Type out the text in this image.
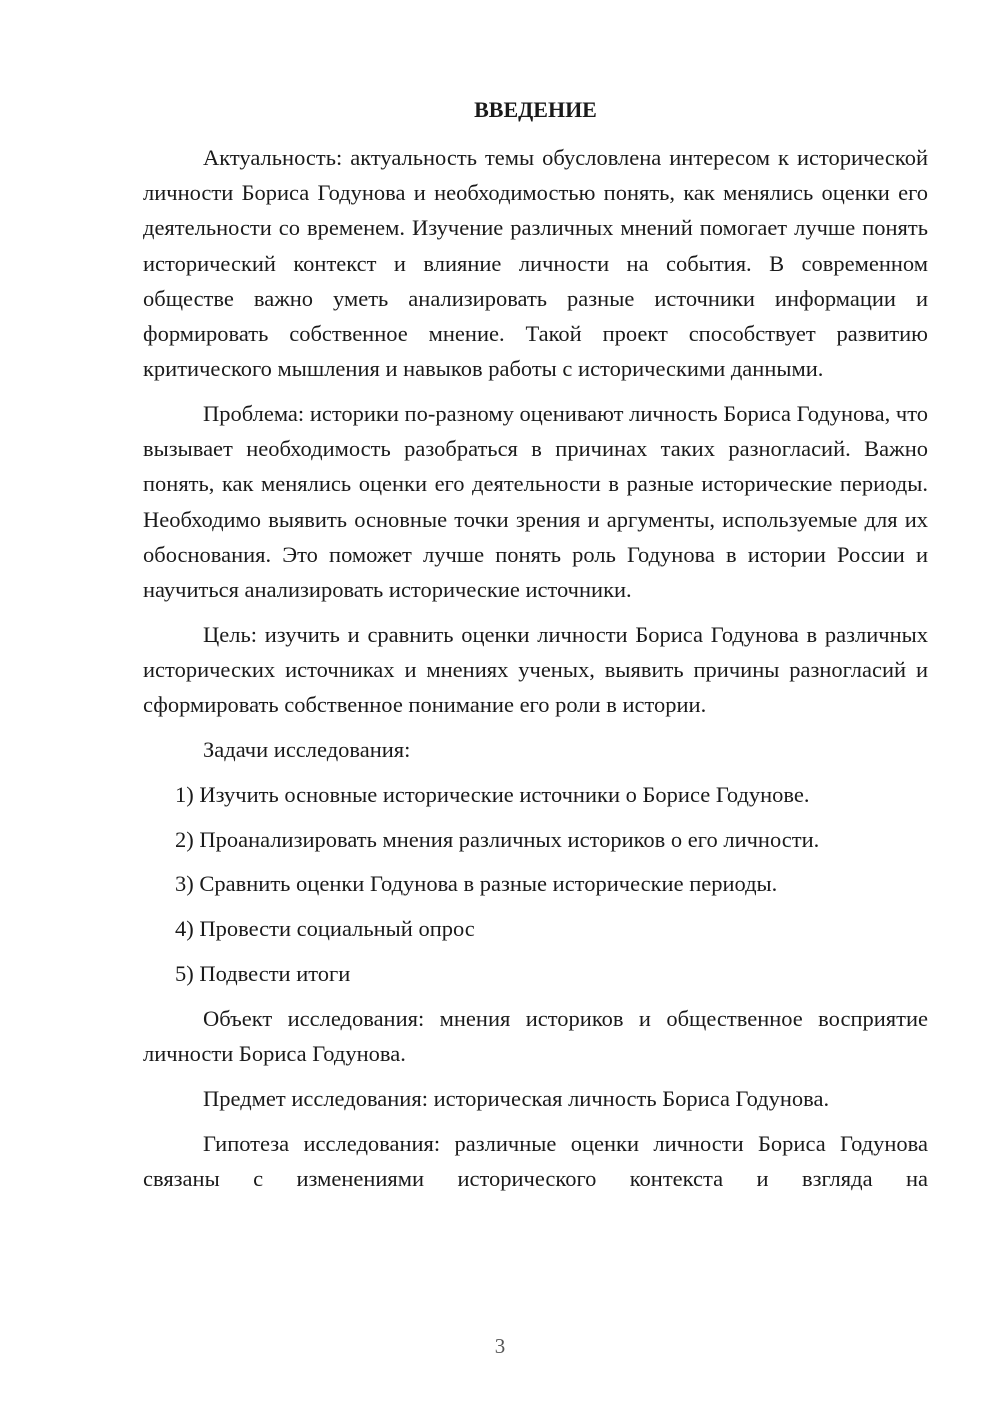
ВВЕДЕНИЕ

Актуальность: актуальность темы обусловлена интересом к исторической личности Бориса Годунова и необходимостью понять, как менялись оценки его деятельности со временем. Изучение различных мнений помогает лучше понять исторический контекст и влияние личности на события. В современном обществе важно уметь анализировать разные источники информации и формировать собственное мнение. Такой проект способствует развитию критического мышления и навыков работы с историческими данными.

Проблема: историки по-разному оценивают личность Бориса Годунова, что вызывает необходимость разобраться в причинах таких разногласий. Важно понять, как менялись оценки его деятельности в разные исторические периоды. Необходимо выявить основные точки зрения и аргументы, используемые для их обоснования. Это поможет лучше понять роль Годунова в истории России и научиться анализировать исторические источники.

Цель: изучить и сравнить оценки личности Бориса Годунова в различных исторических источниках и мнениях ученых, выявить причины разногласий и сформировать собственное понимание его роли в истории.

Задачи исследования:

1) Изучить основные исторические источники о Борисе Годунове.

2) Проанализировать мнения различных историков о его личности.

3) Сравнить оценки Годунова в разные исторические периоды.

4) Провести социальный опрос

5) Подвести итоги

Объект исследования: мнения историков и общественное восприятие личности Бориса Годунова.

Предмет исследования: историческая личность Бориса Годунова.

Гипотеза исследования: различные оценки личности Бориса Годунова связаны с изменениями исторического контекста и взгляда на

3
